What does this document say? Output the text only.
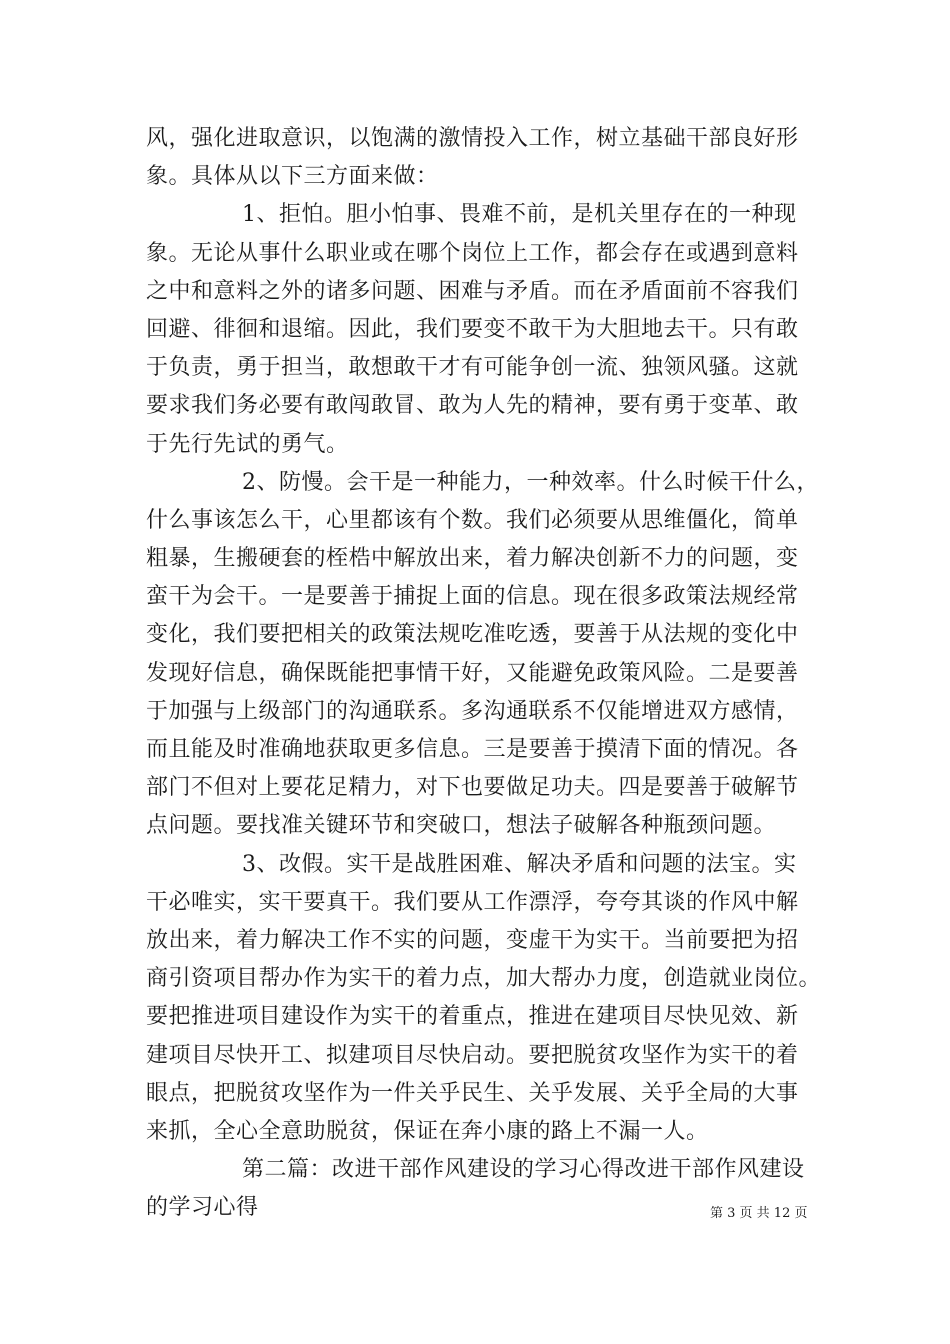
风，强化进取意识，以饱满的激情投入工作，树立基础干部良好形
象。具体从以下三方面来做：
1、拒怕。胆小怕事、畏难不前，是机关里存在的一种现
象。无论从事什么职业或在哪个岗位上工作，都会存在或遇到意料
之中和意料之外的诸多问题、困难与矛盾。而在矛盾面前不容我们
回避、徘徊和退缩。因此，我们要变不敢干为大胆地去干。只有敢
于负责，勇于担当，敢想敢干才有可能争创一流、独领风骚。这就
要求我们务必要有敢闯敢冒、敢为人先的精神，要有勇于变革、敢
于先行先试的勇气。
2、防慢。会干是一种能力，一种效率。什么时候干什么，
什么事该怎么干，心里都该有个数。我们必须要从思维僵化，简单
粗暴，生搬硬套的桎梏中解放出来，着力解决创新不力的问题，变
蛮干为会干。一是要善于捕捉上面的信息。现在很多政策法规经常
变化，我们要把相关的政策法规吃准吃透，要善于从法规的变化中
发现好信息，确保既能把事情干好，又能避免政策风险。二是要善
于加强与上级部门的沟通联系。多沟通联系不仅能增进双方感情，
而且能及时准确地获取更多信息。三是要善于摸清下面的情况。各
部门不但对上要花足精力，对下也要做足功夫。四是要善于破解节
点问题。要找准关键环节和突破口，想法子破解各种瓶颈问题。
3、改假。实干是战胜困难、解决矛盾和问题的法宝。实
干必唯实，实干要真干。我们要从工作漂浮，夸夸其谈的作风中解
放出来，着力解决工作不实的问题，变虚干为实干。当前要把为招
商引资项目帮办作为实干的着力点，加大帮办力度，创造就业岗位。
要把推进项目建设作为实干的着重点，推进在建项目尽快见效、新
建项目尽快开工、拟建项目尽快启动。要把脱贫攻坚作为实干的着
眼点，把脱贫攻坚作为一件关乎民生、关乎发展、关乎全局的大事
来抓，全心全意助脱贫，保证在奔小康的路上不漏一人。
第二篇：改进干部作风建设的学习心得改进干部作风建设
的学习心得	第 3 页 共 12 页
